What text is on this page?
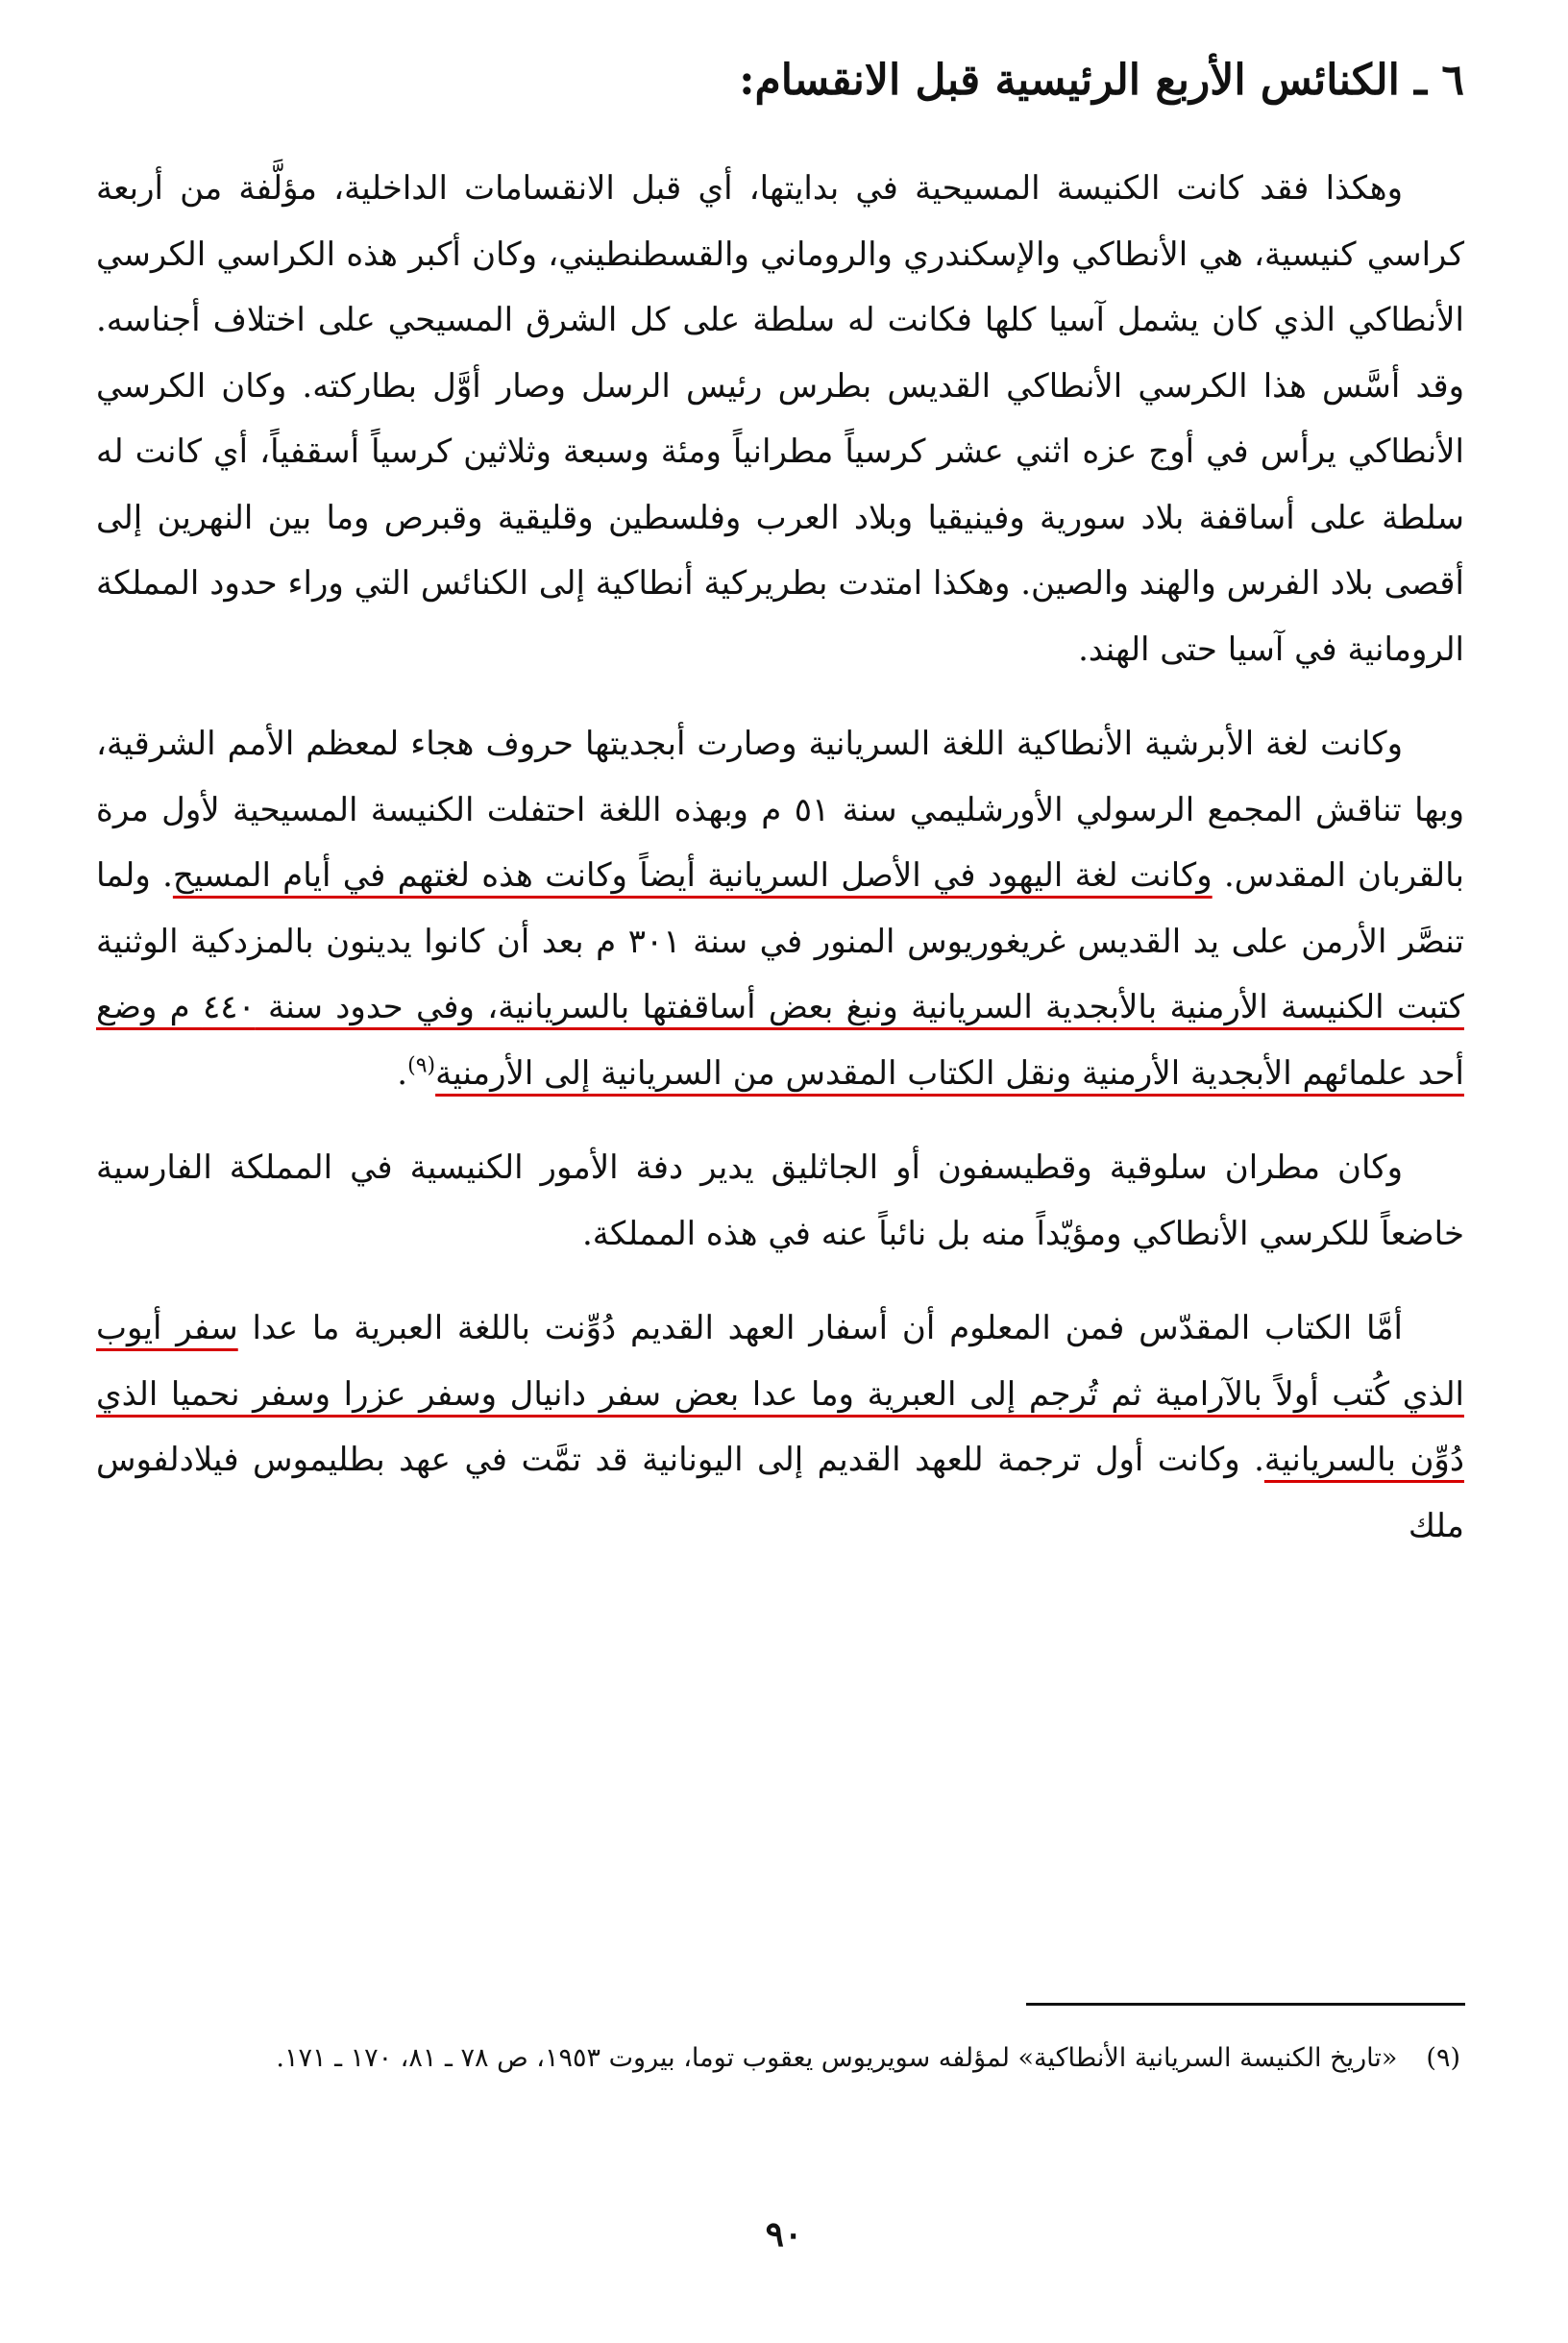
٦ ـ الكنائس الأربع الرئيسية قبل الانقسام:

وهكذا فقد كانت الكنيسة المسيحية في بدايتها، أي قبل الانقسامات الداخلية، مؤلَّفة من أربعة كراسي كنيسية، هي الأنطاكي والإسكندري والروماني والقسطنطيني، وكان أكبر هذه الكراسي الكرسي الأنطاكي الذي كان يشمل آسيا كلها فكانت له سلطة على كل الشرق المسيحي على اختلاف أجناسه. وقد أسَّس هذا الكرسي الأنطاكي القديس بطرس رئيس الرسل وصار أوَّل بطاركته. وكان الكرسي الأنطاكي يرأس في أوج عزه اثني عشر كرسياً مطرانياً ومئة وسبعة وثلاثين كرسياً أسقفياً، أي كانت له سلطة على أساقفة بلاد سورية وفينيقيا وبلاد العرب وفلسطين وقليقية وقبرص وما بين النهرين إلى أقصى بلاد الفرس والهند والصين. وهكذا امتدت بطريركية أنطاكية إلى الكنائس التي وراء حدود المملكة الرومانية في آسيا حتى الهند.

وكانت لغة الأبرشية الأنطاكية اللغة السريانية وصارت أبجديتها حروف هجاء لمعظم الأمم الشرقية، وبها تناقش المجمع الرسولي الأورشليمي سنة ٥١ م وبهذه اللغة احتفلت الكنيسة المسيحية لأول مرة بالقربان المقدس. وكانت لغة اليهود في الأصل السريانية أيضاً وكانت هذه لغتهم في أيام المسيح. ولما تنصَّر الأرمن على يد القديس غريغوريوس المنور في سنة ٣٠١ م بعد أن كانوا يدينون بالمزدكية الوثنية كتبت الكنيسة الأرمنية بالأبجدية السريانية ونبغ بعض أساقفتها بالسريانية، وفي حدود سنة ٤٤٠ م وضع أحد علمائهم الأبجدية الأرمنية ونقل الكتاب المقدس من السريانية إلى الأرمنية$^{(٩)}$.

وكان مطران سلوقية وقطيسفون أو الجاثليق يدير دفة الأمور الكنيسية في المملكة الفارسية خاضعاً للكرسي الأنطاكي ومؤيّداً منه بل نائباً عنه في هذه المملكة.

أمَّا الكتاب المقدّس فمن المعلوم أن أسفار العهد القديم دُوِّنت باللغة العبرية ما عدا سفر أيوب الذي كُتب أولاً بالآرامية ثم تُرجم إلى العبرية وما عدا بعض سفر دانيال وسفر عزرا وسفر نحميا الذي دُوِّن بالسريانية. وكانت أول ترجمة للعهد القديم إلى اليونانية قد تمَّت في عهد بطليموس فيلادلفوس ملك

(٩)«تاريخ الكنيسة السريانية الأنطاكية» لمؤلفه سويريوس يعقوب توما، بيروت ١٩٥٣، ص ٧٨ ـ ٨١، ١٧٠ ـ ١٧١.

٩٠
